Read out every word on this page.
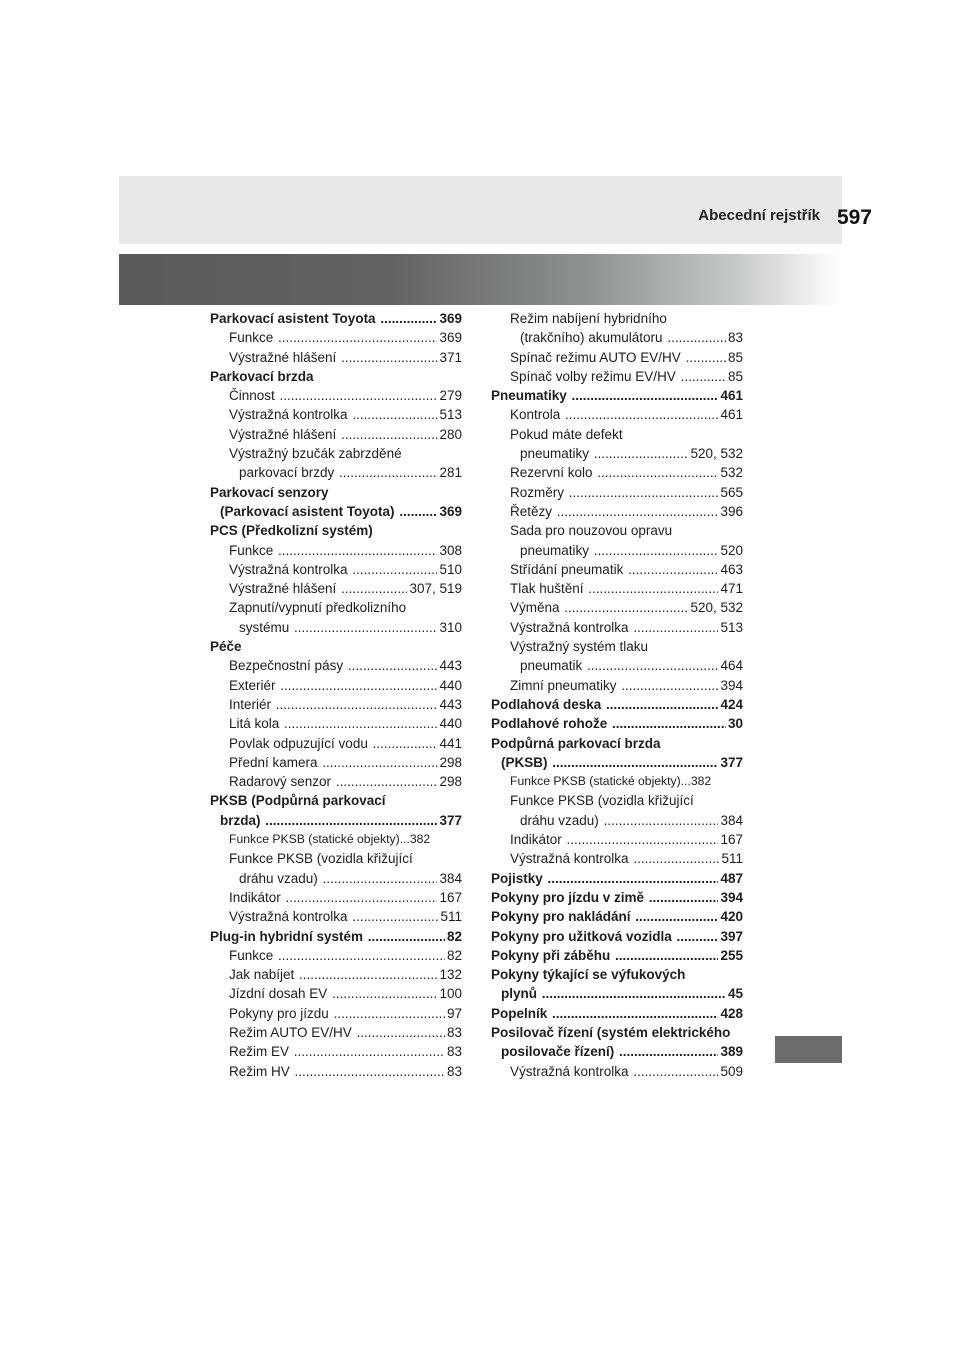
Abecední rejstřík 597
Parkovací asistent Toyota .....	369
Funkce .....	369
Výstražné hlášení .....	371
Parkovací brzda
Činnost .....	279
Výstražná kontrolka .....	513
Výstražné hlášení .....	280
Výstražný bzučák zabrzděné
parkovací brzdy .....	281
Parkovací senzory
(Parkovací asistent Toyota) .....	369
PCS (Předkolizní systém)
Funkce .....	308
Výstražná kontrolka .....	510
Výstražné hlášení .....	307, 519
Zapnutí/vypnutí předkolizního
systému .....	310
Péče
Bezpečnostní pásy .....	443
Exteriér .....	440
Interiér .....	443
Litá kola .....	440
Povlak odpuzující vodu .....	441
Přední kamera .....	298
Radarový senzor .....	298
PKSB (Podpůrná parkovací
brzda) .....	377
Funkce PKSB (statické objekty)...382
Funkce PKSB (vozidla křižující
dráhu vzadu) .....	384
Indikátor .....	167
Výstražná kontrolka .....	511
Plug-in hybridní systém .....	82
Funkce .....	82
Jak nabíjet .....	132
Jízdní dosah EV .....	100
Pokyny pro jízdu .....	97
Režim AUTO EV/HV .....	83
Režim EV .....	83
Režim HV .....	83
Režim nabíjení hybridního
(trakčního) akumulátoru .....	83
Spínač režimu AUTO EV/HV .....	85
Spínač volby režimu EV/HV .....	85
Pneumatiky .....	461
Kontrola .....	461
Pokud máte defekt
pneumatiky .....	520, 532
Rezervní kolo .....	532
Rozměry .....	565
Řetězy .....	396
Sada pro nouzovou opravu
pneumatiky .....	520
Střídání pneumatik .....	463
Tlak huštění .....	471
Výměna .....	520, 532
Výstražná kontrolka .....	513
Výstražný systém tlaku
pneumatik .....	464
Zimní pneumatiky .....	394
Podlahová deska .....	424
Podlahové rohože .....	30
Podpůrná parkovací brzda
(PKSB) .....	377
Funkce PKSB (statické objekty)...382
Funkce PKSB (vozidla křižující
dráhu vzadu) .....	384
Indikátor .....	167
Výstražná kontrolka .....	511
Pojistky .....	487
Pokyny pro jízdu v zimě .....	394
Pokyny pro nakládání .....	420
Pokyny pro užitková vozidla .....	397
Pokyny při záběhu .....	255
Pokyny týkající se výfukových
plynů .....	45
Popelník .....	428
Posilovač řízení (systém elektrického
posilovače řízení) .....	389
Výstražná kontrolka .....	509
